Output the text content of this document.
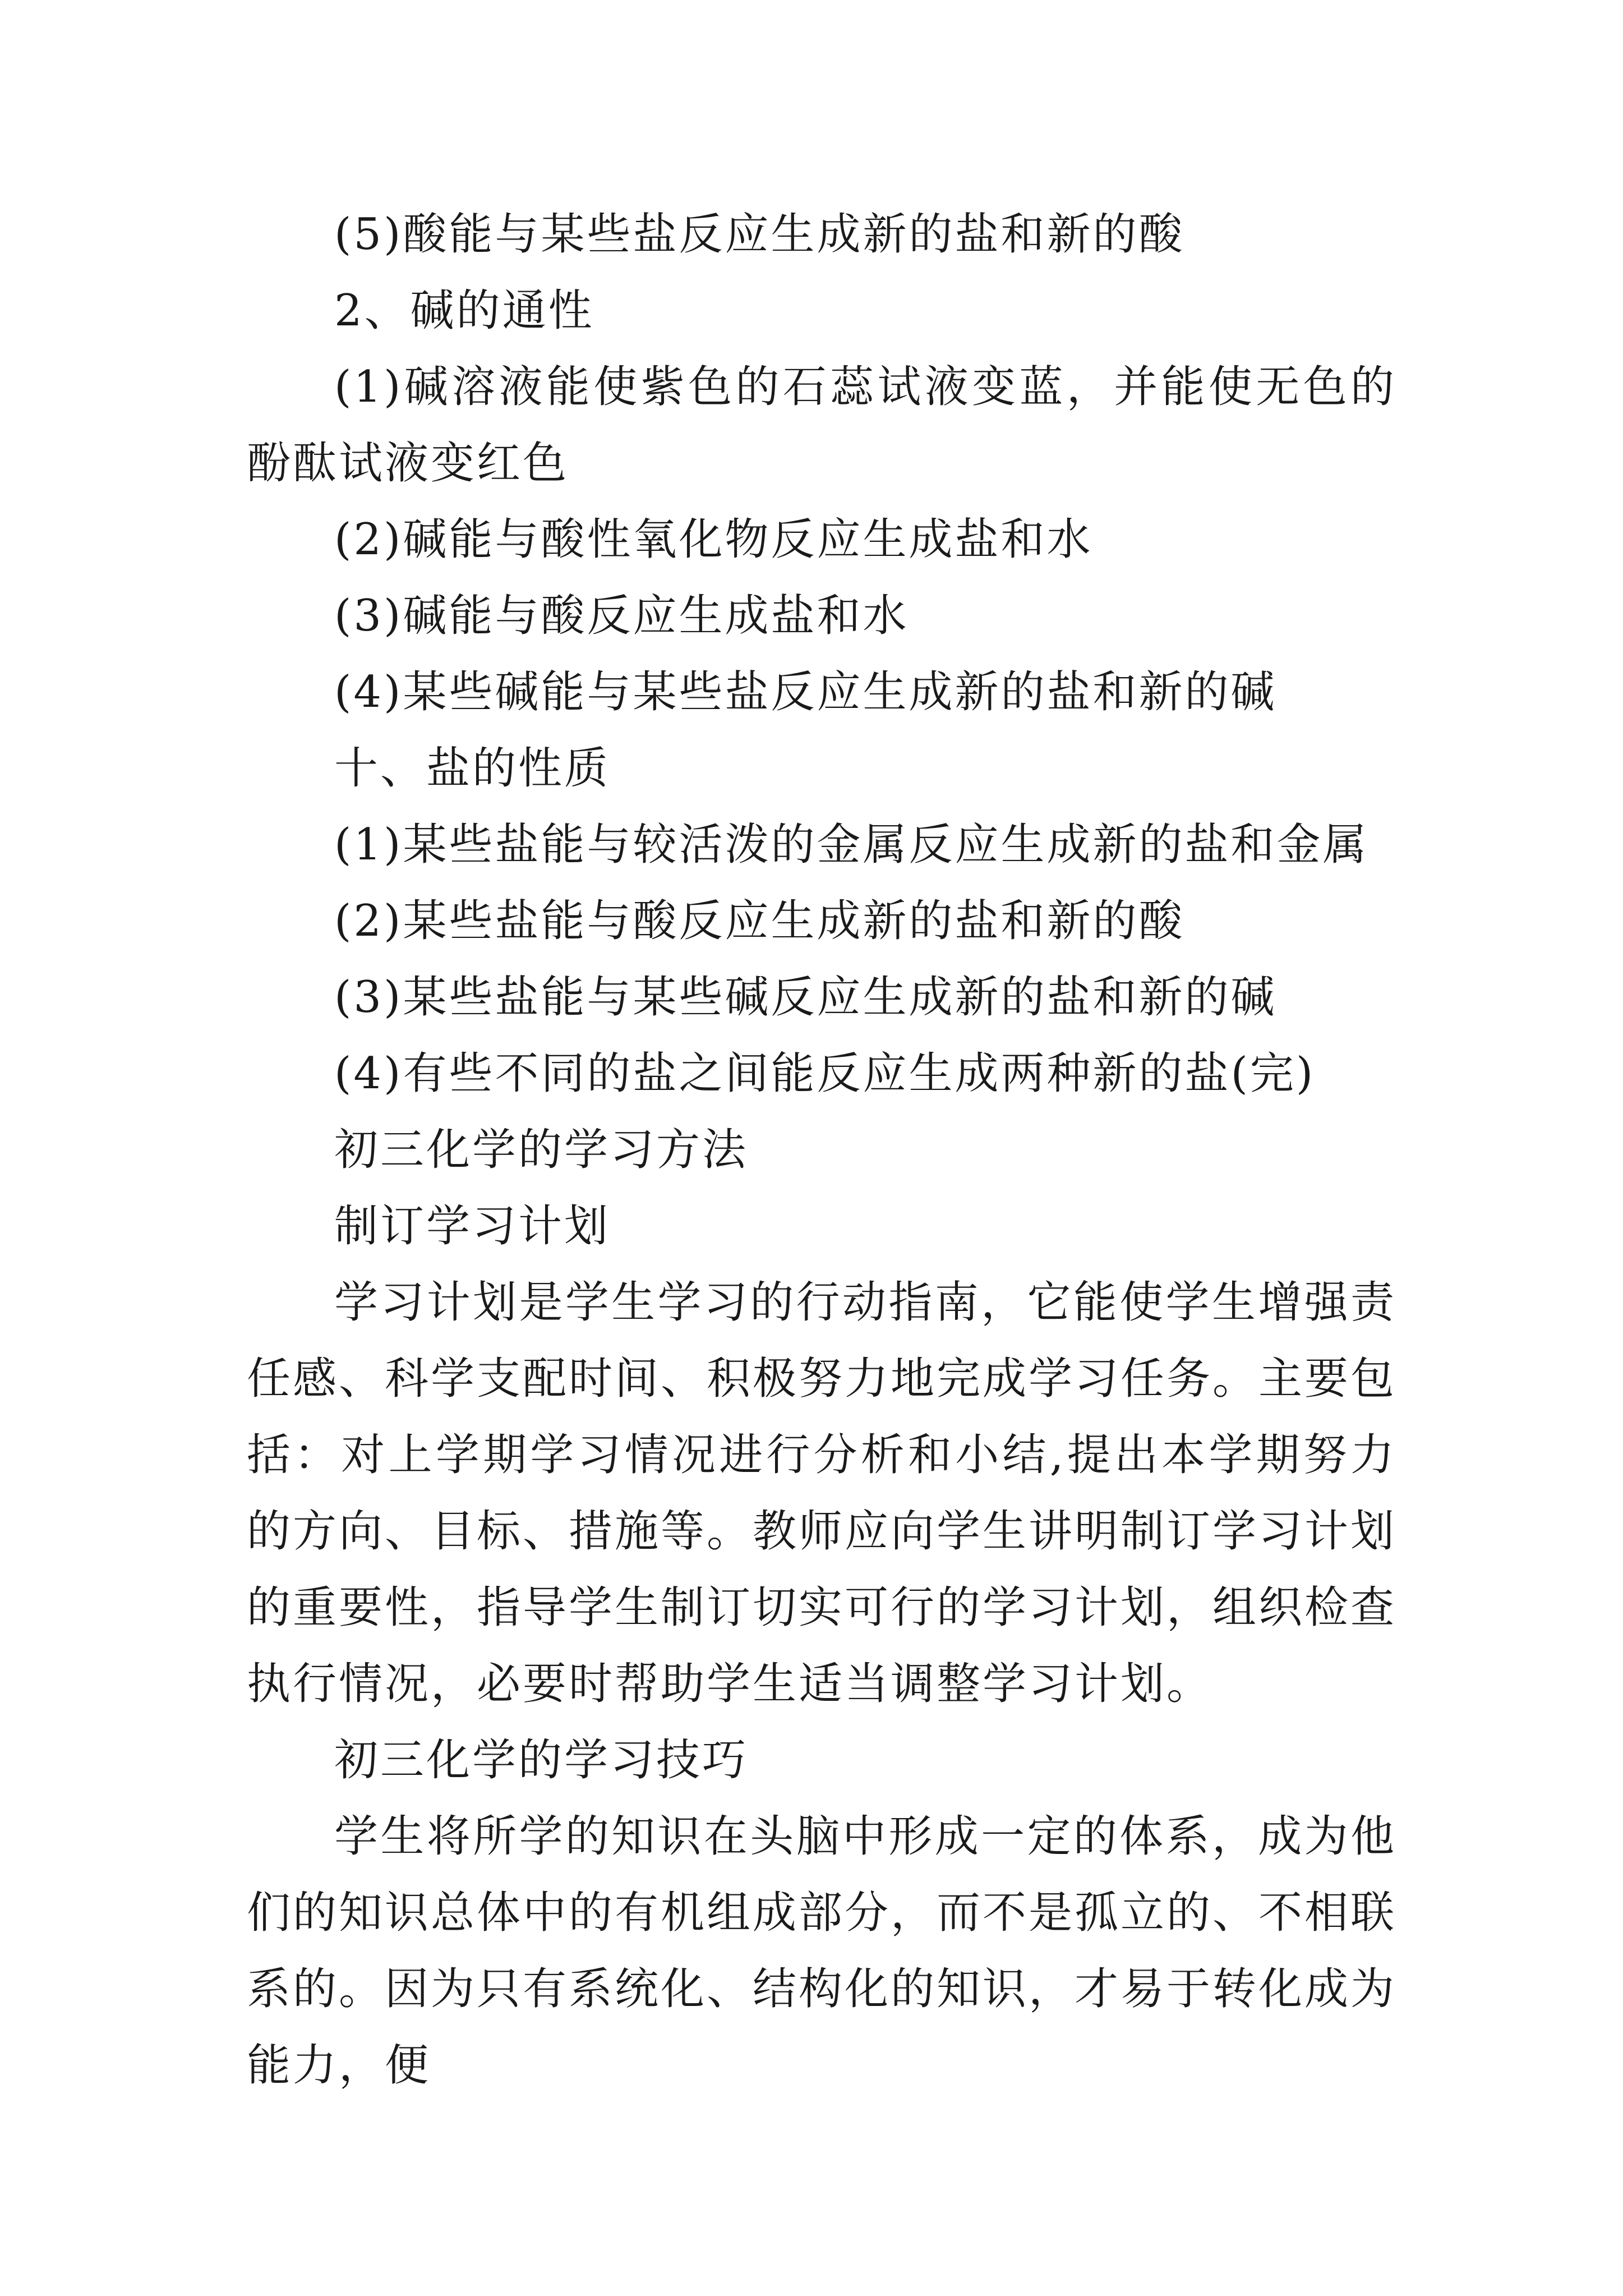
(5)酸能与某些盐反应生成新的盐和新的酸

2、碱的通性

(1)碱溶液能使紫色的石蕊试液变蓝，并能使无色的酚酞试液变红色

(2)碱能与酸性氧化物反应生成盐和水

(3)碱能与酸反应生成盐和水

(4)某些碱能与某些盐反应生成新的盐和新的碱

十、盐的性质

(1)某些盐能与较活泼的金属反应生成新的盐和金属

(2)某些盐能与酸反应生成新的盐和新的酸

(3)某些盐能与某些碱反应生成新的盐和新的碱

(4)有些不同的盐之间能反应生成两种新的盐(完)

初三化学的学习方法

制订学习计划

学习计划是学生学习的行动指南，它能使学生增强责任感、科学支配时间、积极努力地完成学习任务。主要包括：对上学期学习情况进行分析和小结,提出本学期努力的方向、目标、措施等。教师应向学生讲明制订学习计划的重要性，指导学生制订切实可行的学习计划，组织检查执行情况，必要时帮助学生适当调整学习计划。

初三化学的学习技巧

学生将所学的知识在头脑中形成一定的体系，成为他们的知识总体中的有机组成部分，而不是孤立的、不相联系的。因为只有系统化、结构化的知识，才易于转化成为能力，便
